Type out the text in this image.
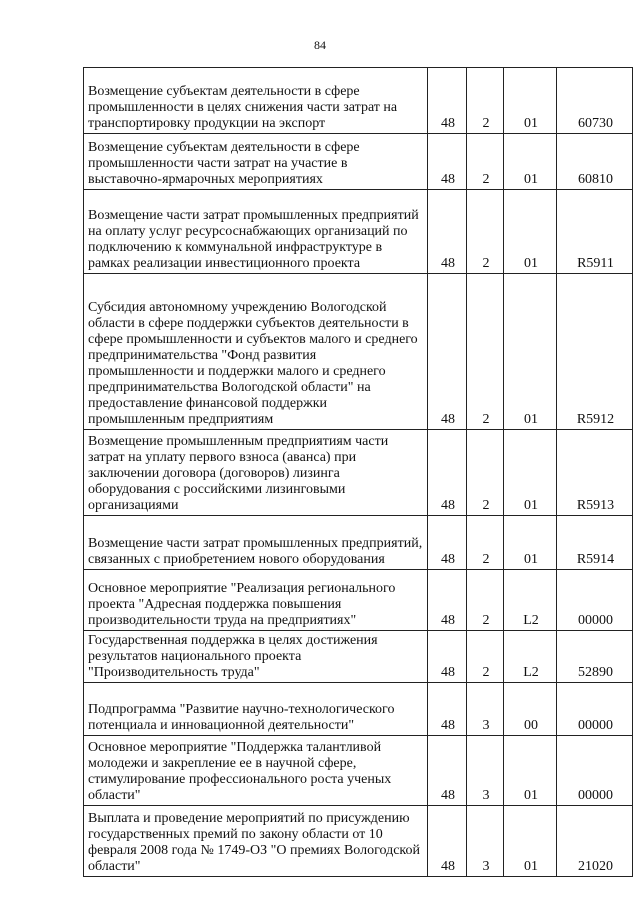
84
Возмещение субъектам деятельности в сфере промышленности в целях снижения части затрат на транспортировку продукции на экспорт	48	2	01	60730
Возмещение субъектам деятельности в сфере промышленности части затрат на участие в выставочно-ярмарочных мероприятиях	48	2	01	60810
Возмещение части затрат промышленных предприятий на оплату услуг ресурсоснабжающих организаций по подключению к коммунальной инфраструктуре в рамках реализации инвестиционного проекта	48	2	01	R5911
Субсидия автономному учреждению Вологодской области в сфере поддержки субъектов деятельности в сфере промышленности и субъектов малого и среднего предпринимательства "Фонд развития промышленности и поддержки малого и среднего предпринимательства Вологодской области" на предоставление финансовой поддержки промышленным предприятиям	48	2	01	R5912
Возмещение промышленным предприятиям части затрат на уплату первого взноса (аванса) при заключении договора (договоров) лизинга оборудования с российскими лизинговыми организациями	48	2	01	R5913
Возмещение части затрат промышленных предприятий, связанных с приобретением нового оборудования	48	2	01	R5914
Основное мероприятие "Реализация регионального проекта "Адресная поддержка повышения производительности труда на предприятиях"	48	2	L2	00000
Государственная поддержка в целях достижения результатов национального проекта "Производительность труда"	48	2	L2	52890
Подпрограмма "Развитие научно-технологического потенциала и инновационной деятельности"	48	3	00	00000
Основное мероприятие "Поддержка талантливой молодежи и закрепление ее в научной сфере, стимулирование профессионального роста ученых области"	48	3	01	00000
Выплата и проведение мероприятий по присуждению государственных премий по закону области от 10 февраля 2008 года № 1749-ОЗ "О премиях Вологодской области"	48	3	01	21020
